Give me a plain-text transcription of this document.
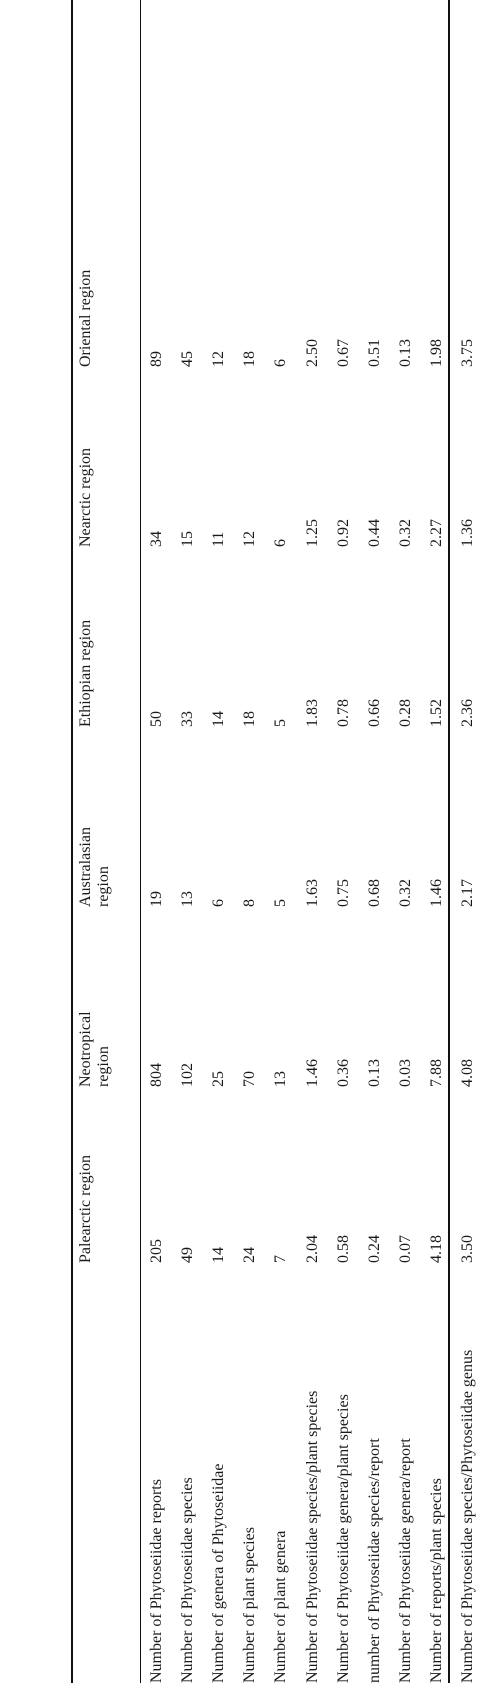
Palearctic region
Neotropical
region
Australasian
region
Ethiopian region
Nearctic region
Oriental region
Number of Phytoseiidae reports
205
804
19
50
34
89
Number of Phytoseiidae species
49
102
13
33
15
45
Number of genera of Phytoseiidae
14
25
6
14
11
12
Number of plant species
24
70
8
18
12
18
Number of plant genera
7
13
5
5
6
6
Number of Phytoseiidae species/plant species
2.04
1.46
1.63
1.83
1.25
2.50
Number of Phytoseiidae genera/plant species
0.58
0.36
0.75
0.78
0.92
0.67
number of Phytoseiidae species/report
0.24
0.13
0.68
0.66
0.44
0.51
Number of Phytoseiidae genera/report
0.07
0.03
0.32
0.28
0.32
0.13
Number of reports/plant species
4.18
7.88
1.46
1.52
2.27
1.98
Number of Phytoseiidae species/Phytoseiidae genus
3.50
4.08
2.17
2.36
1.36
3.75
